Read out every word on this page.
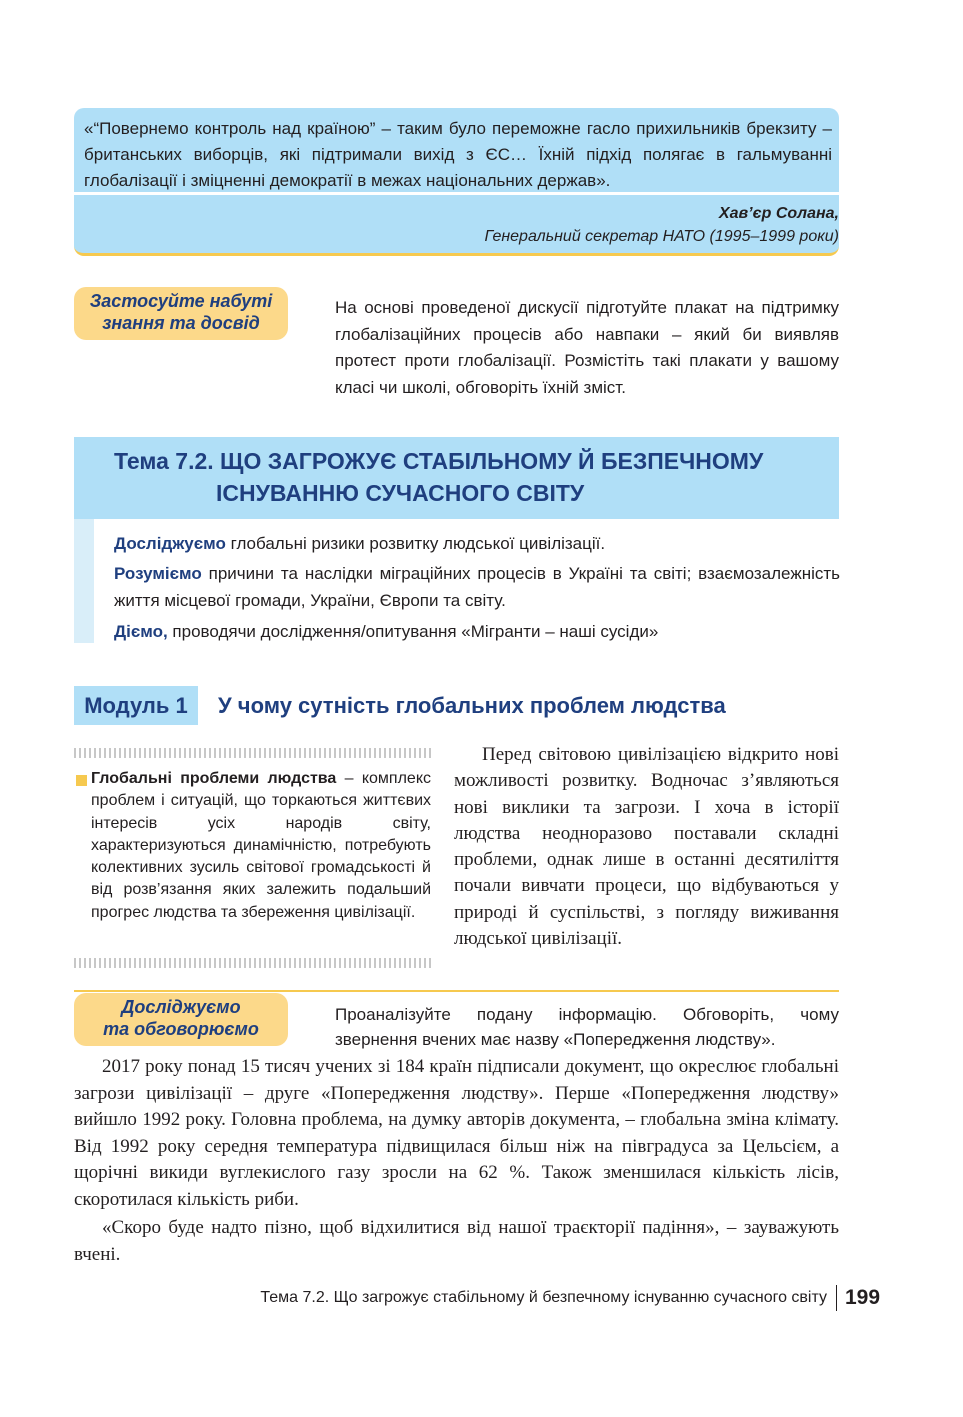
«“Повернемо контроль над країною” – таким було переможне гасло прихильників брекзиту – британських виборців, які підтримали вихід з ЄС… Їхній підхід полягає в гальмуванні глобалізації і зміцненні демократії в межах національних держав».
Хав’єр Солана,
Генеральний секретар НАТО (1995–1999 роки)
Застосуйте набуті
знання та досвід
На основі проведеної дискусії підготуйте плакат на підтримку глобалізаційних процесів або навпаки – який би виявляв протест проти глобалізації. Розмістіть такі плакати у вашому класі чи школі, обговоріть їхній зміст.
Тема 7.2. ЩО ЗАГРОЖУЄ СТАБІЛЬНОМУ Й БЕЗПЕЧНОМУ
ІСНУВАННЮ СУЧАСНОГО СВІТУ
Досліджуємо глобальні ризики розвитку людської цивілізації.
Розуміємо причини та наслідки міграційних процесів в Україні та світі; взаємозалежність життя місцевої громади, України, Європи та світу.
Діємо, проводячи дослідження/опитування «Мігранти – наші сусіди»
Модуль 1	У чому сутність глобальних проблем людства
Глобальні проблеми людства – комплекс проблем і ситуацій, що торкаються життєвих інтересів усіх народів світу, характеризуються динамічністю, потребують колективних зусиль світової громадськості й від розв’язання яких залежить подальший прогрес людства та збереження цивілізації.
Перед світовою цивілізацією відкрито нові можливості розвитку. Водночас з’являються нові виклики та загрози. І хоча в історії людства неодноразово поставали складні проблеми, однак лише в останні десятиліття почали вивчати процеси, що відбуваються у природі й суспільстві, з погляду виживання людської цивілізації.
Досліджуємо
та обговорюємо
Проаналізуйте подану інформацію. Обговоріть, чому звернення вчених має назву «Попередження людству».
2017 року понад 15 тисяч учених зі 184 країн підписали документ, що окреслює глобальні загрози цивілізації – друге «Попередження людству». Перше «Попередження людству» вийшло 1992 року. Головна проблема, на думку авторів документа, – глобальна зміна клімату. Від 1992 року середня температура підвищилася більш ніж на півградуса за Цельсієм, а щорічні викиди вуглекислого газу зросли на 62 %. Також зменшилася кількість лісів, скоротилася кількість риби.
«Скоро буде надто пізно, щоб відхилитися від нашої траєкторії падіння», – зауважують вчені.
Тема 7.2. Що загрожує стабільному й безпечному існуванню сучасного світу 199
